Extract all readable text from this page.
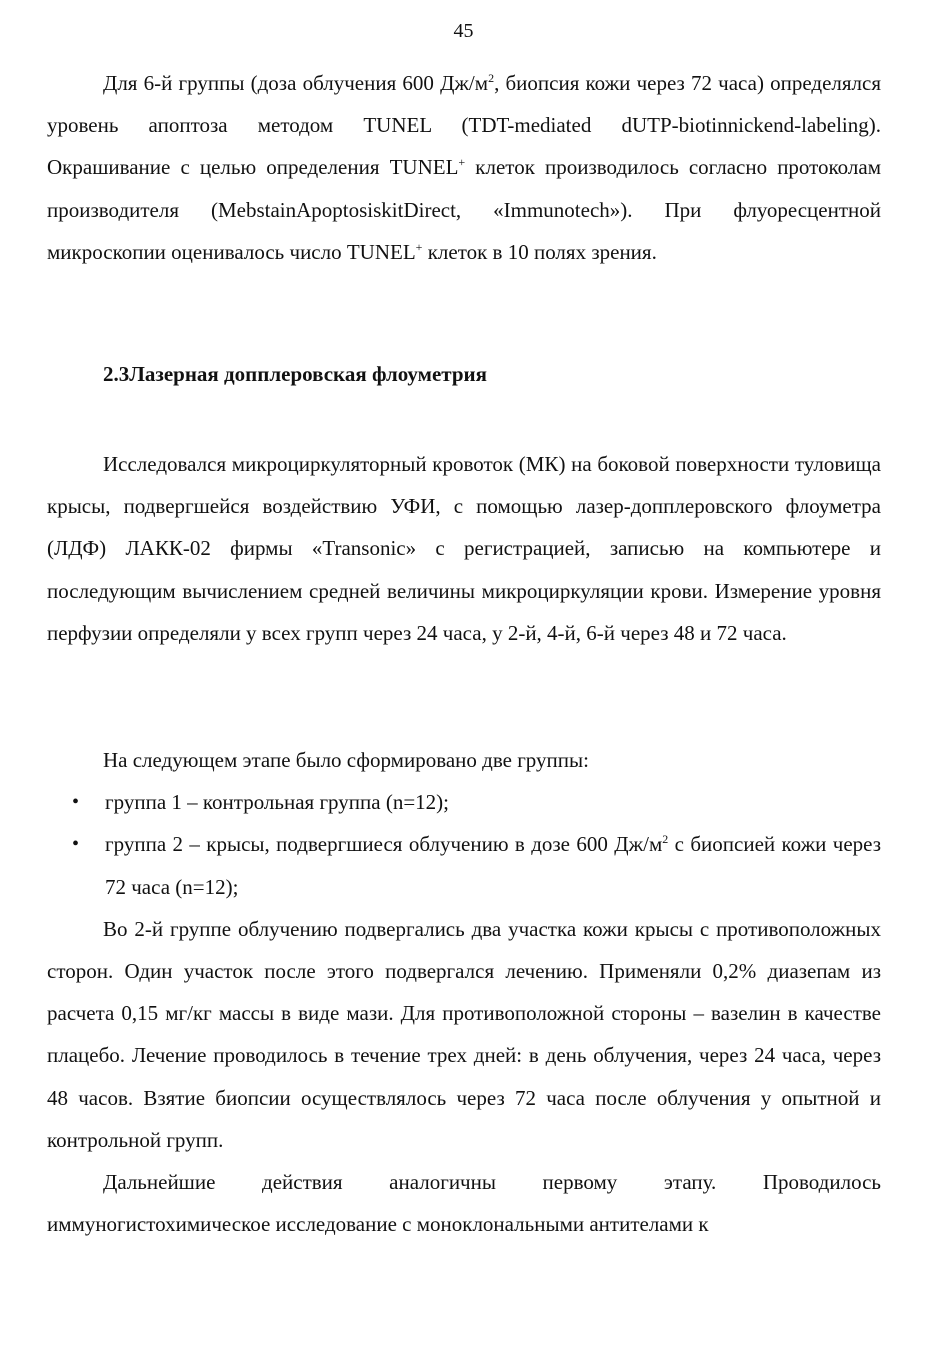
45

Для 6-й группы (доза облучения 600 $Дж/м^2$, биопсия кожи через 72 часа) определялся уровень апоптоза методом TUNEL (TDT-mediated dUTP-biotinnickend-labeling). Окрашивание с целью определения TUNEL+ клеток производилось согласно протоколам производителя (MebstainApoptosiskitDirect, «Immunotech»). При флуоресцентной микроскопии оценивалось число TUNEL+ клеток в 10 полях зрения.

2.3Лазерная допплеровская флоуметрия

Исследовался микроциркуляторный кровоток (МК) на боковой поверхности туловища крысы, подвергшейся воздействию УФИ, с помощью лазер-допплеровского флоуметра (ЛДФ) ЛАКК-02 фирмы «Transonic» с регистрацией, записью на компьютере и последующим вычислением средней величины микроциркуляции крови. Измерение уровня перфузии определяли у всех групп через 24 часа, у 2-й, 4-й, 6-й через 48 и 72 часа.

На следующем этапе было сформировано две группы:

• группа 1 – контрольная группа (n=12);
• группа 2 – крысы, подвергшиеся облучению в дозе 600 $Дж/м^2$ с биопсией кожи через 72 часа (n=12);

Во 2-й группе облучению подвергались два участка кожи крысы с противоположных сторон. Один участок после этого подвергался лечению. Применяли 0,2% диазепам из расчета 0,15 мг/кг массы в виде мази. Для противоположной стороны – вазелин в качестве плацебо. Лечение проводилось в течение трех дней: в день облучения, через 24 часа, через 48 часов. Взятие биопсии осуществлялось через 72 часа после облучения у опытной и контрольной групп.

Дальнейшие действия аналогичны первому этапу. Проводилось иммуногистохимическое исследование с моноклональными антителами к
